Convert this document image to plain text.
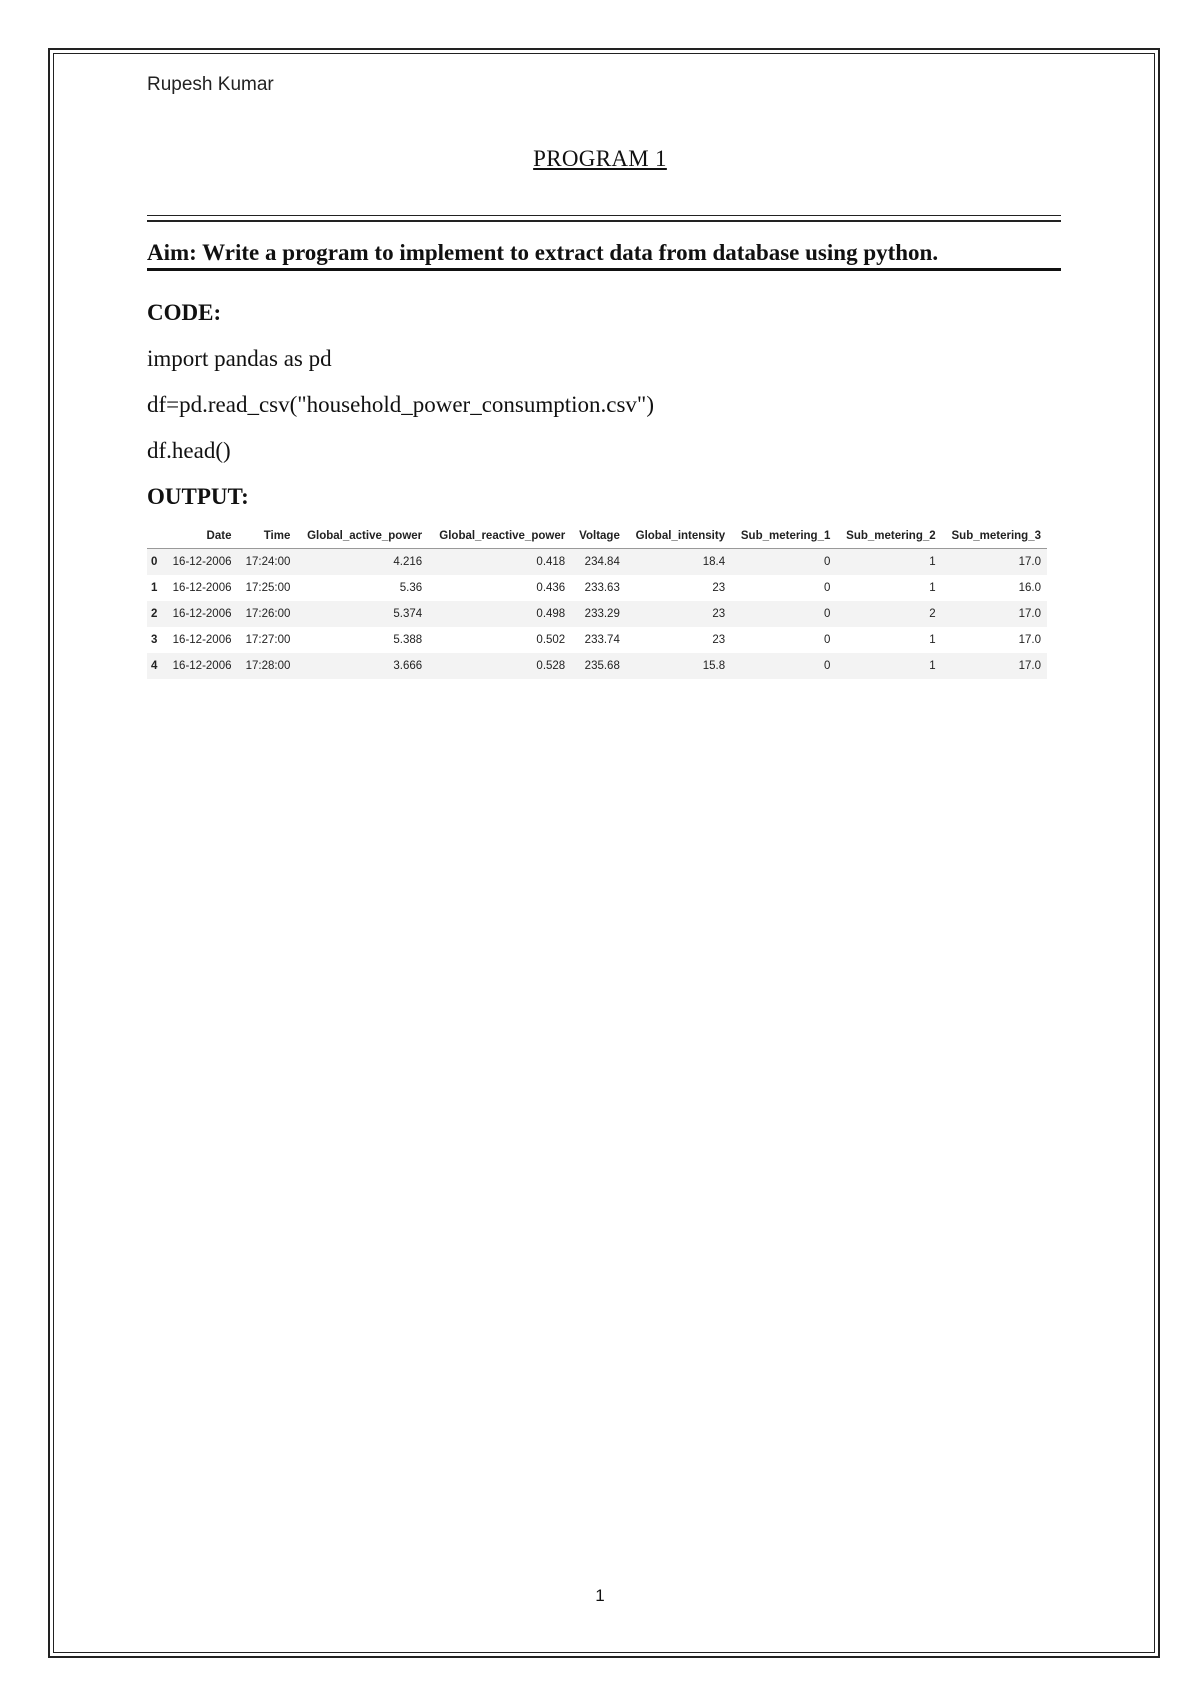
Rupesh Kumar
PROGRAM 1
Aim: Write a program to implement to extract data from database using python.
CODE:
import pandas as pd
df=pd.read_csv("household_power_consumption.csv")
df.head()
OUTPUT:
	Date	Time	Global_active_power	Global_reactive_power	Voltage	Global_intensity	Sub_metering_1	Sub_metering_2	Sub_metering_3
0	16-12-2006	17:24:00	4.216	0.418	234.84	18.4	0	1	17.0
1	16-12-2006	17:25:00	5.36	0.436	233.63	23	0	1	16.0
2	16-12-2006	17:26:00	5.374	0.498	233.29	23	0	2	17.0
3	16-12-2006	17:27:00	5.388	0.502	233.74	23	0	1	17.0
4	16-12-2006	17:28:00	3.666	0.528	235.68	15.8	0	1	17.0
1
